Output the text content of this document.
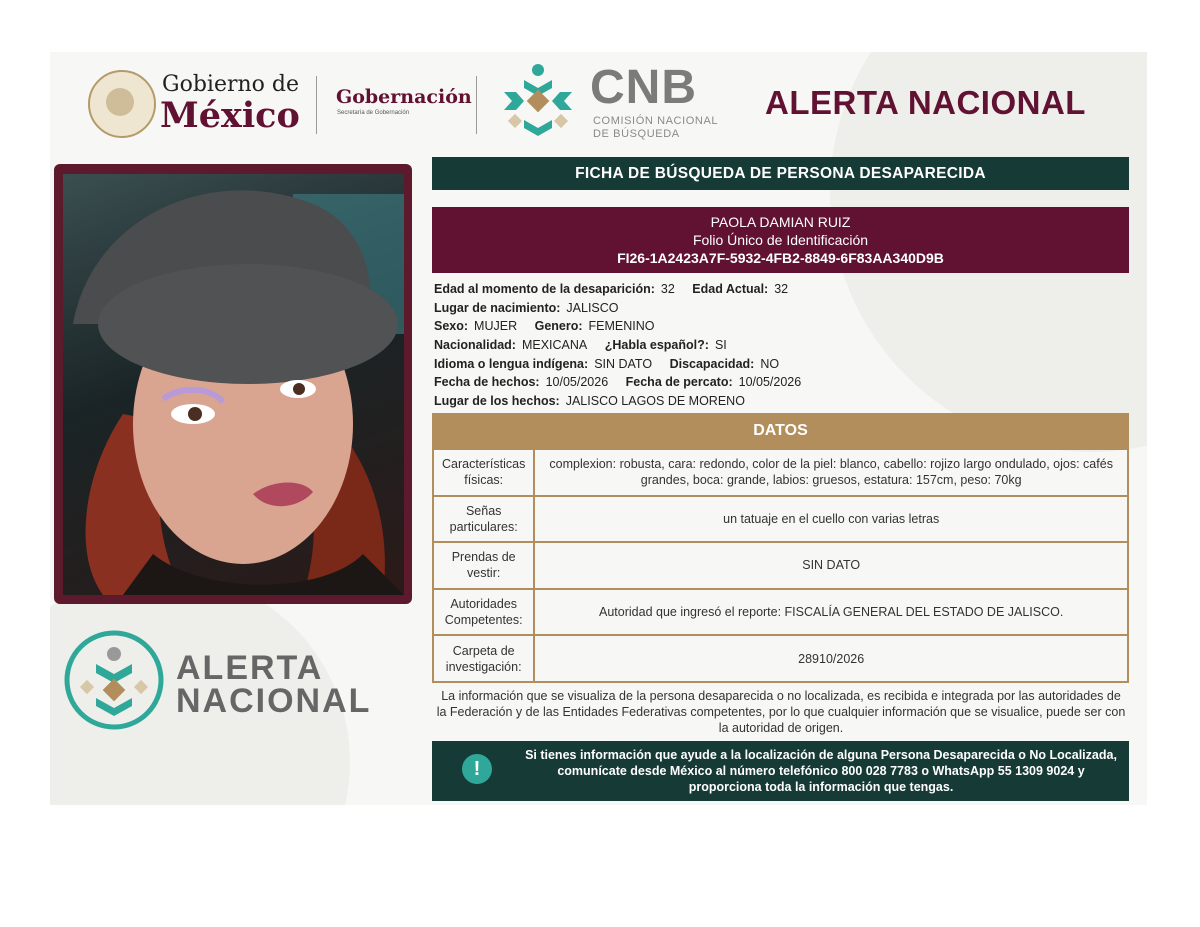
Gobierno de
México Gobernación
Secretaría de Gobernación	CNB
COMISIÓN NACIONAL
DE BÚSQUEDA
ALERTA NACIONAL
ALERTA
NACIONAL
FICHA DE BÚSQUEDA DE PERSONA DESAPARECIDA
PAOLA DAMIAN RUIZ
Folio Único de Identificación
FI26-1A2423A7F-5932-4FB2-8849-6F83AA340D9B
Edad al momento de la desaparición: 32 Edad Actual: 32
Lugar de nacimiento: JALISCO
Sexo: MUJER Genero: FEMENINO
Nacionalidad: MEXICANA ¿Habla español?: SI
Idioma o lengua indígena: SIN DATO Discapacidad: NO
Fecha de hechos: 10/05/2026 Fecha de percato: 10/05/2026
Lugar de los hechos: JALISCO LAGOS DE MORENO
DATOS
Características físicas:	complexion: robusta, cara: redondo, color de la piel: blanco, cabello: rojizo largo ondulado, ojos: cafés grandes, boca: grande, labios: gruesos, estatura: 157cm, peso: 70kg
Señas particulares:	un tatuaje en el cuello con varias letras
Prendas de vestir:	SIN DATO
Autoridades Competentes:	Autoridad que ingresó el reporte: FISCALÍA GENERAL DEL ESTADO DE JALISCO.
Carpeta de investigación:	28910/2026
La información que se visualiza de la persona desaparecida o no localizada, es recibida e integrada por las autoridades de la Federación y de las Entidades Federativas competentes, por lo que cualquier información que se visualice, puede ser con la autoridad de origen.
!
Si tienes información que ayude a la localización de alguna Persona Desaparecida o No Localizada, comunícate desde México al número telefónico 800 028 7783 o WhatsApp 55 1309 9024 y proporciona toda la información que tengas.
